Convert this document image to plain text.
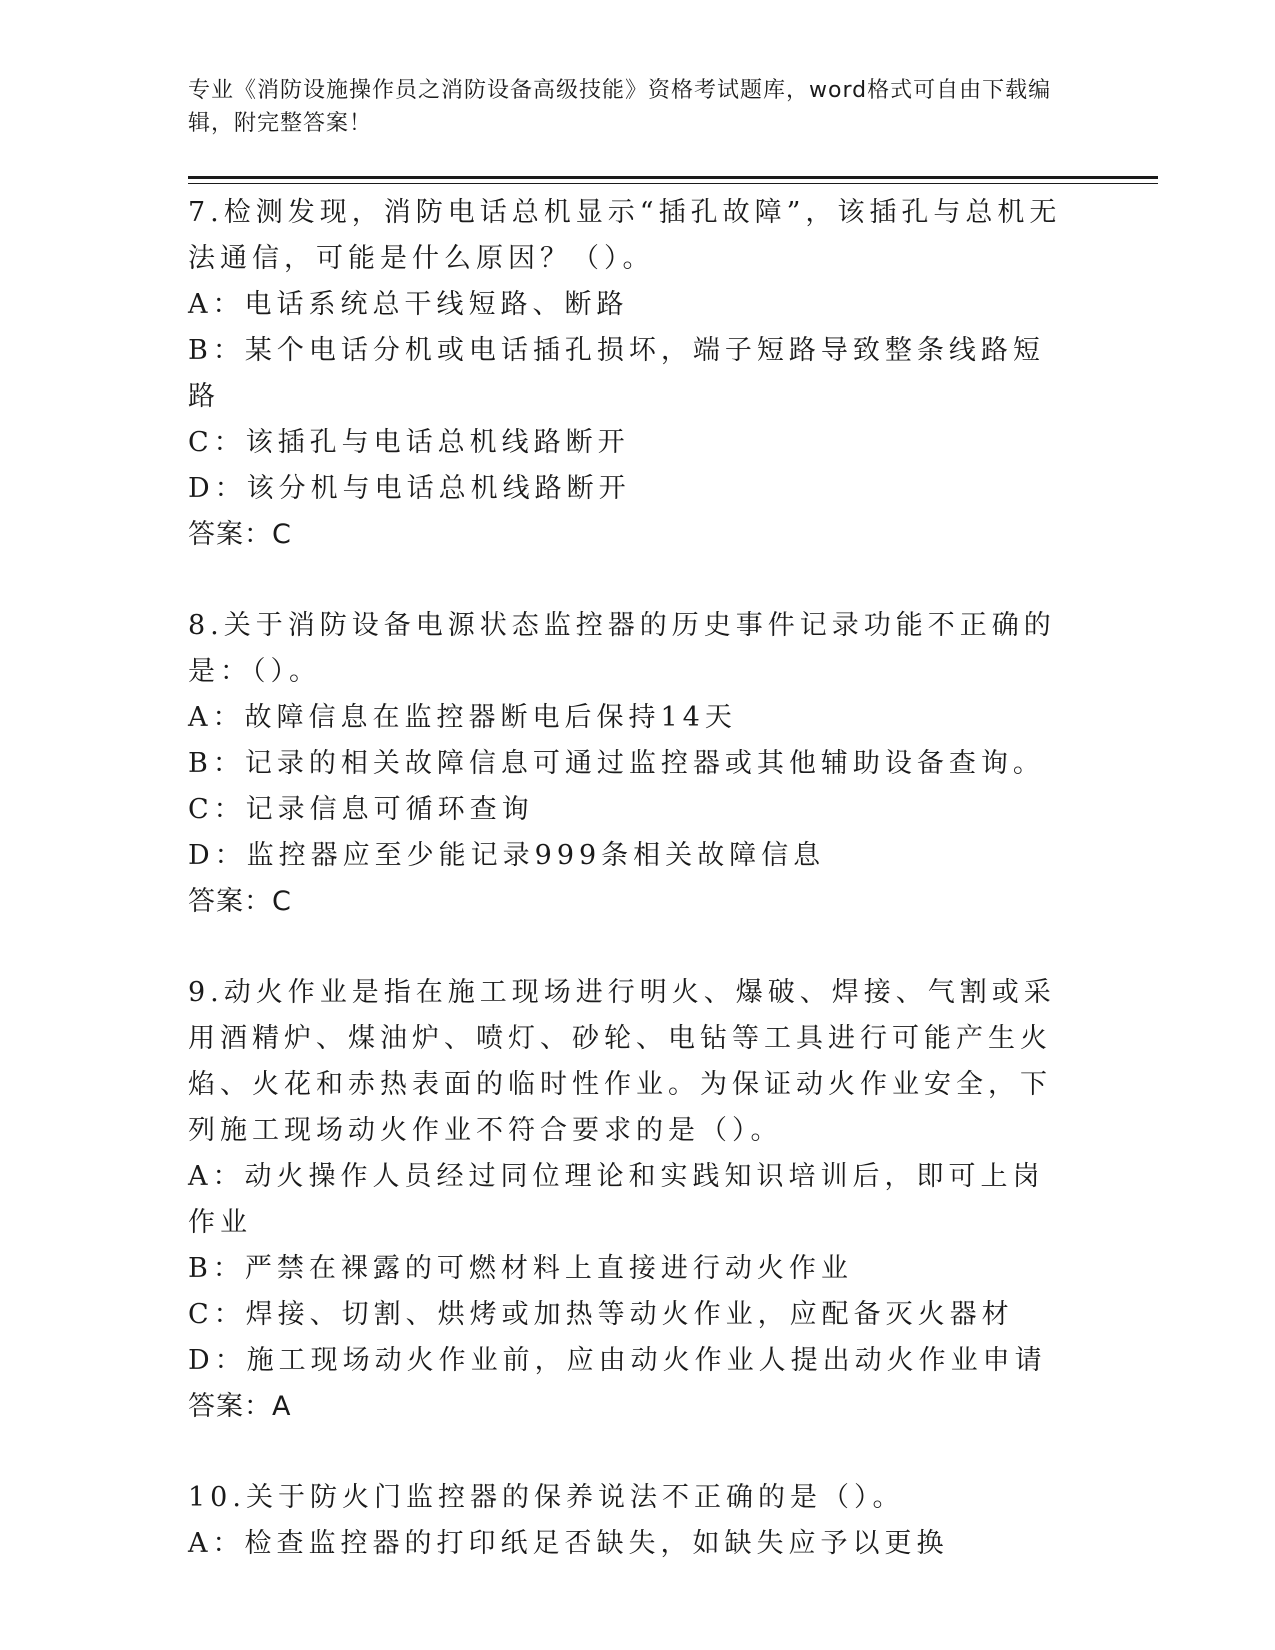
专业《消防设施操作员之消防设备高级技能》资格考试题库，word格式可自由下载编辑，附完整答案！
7.检测发现，消防电话总机显示“插孔故障”，该插孔与总机无法通信，可能是什么原因？（）。
A：电话系统总干线短路、断路
B：某个电话分机或电话插孔损坏，端子短路导致整条线路短路
C：该插孔与电话总机线路断开
D：该分机与电话总机线路断开
答案：C
8.关于消防设备电源状态监控器的历史事件记录功能不正确的是：（）。
A：故障信息在监控器断电后保持14天
B：记录的相关故障信息可通过监控器或其他辅助设备查询。
C：记录信息可循环查询
D：监控器应至少能记录999条相关故障信息
答案：C
9.动火作业是指在施工现场进行明火、爆破、焊接、气割或采用酒精炉、煤油炉、喷灯、砂轮、电钻等工具进行可能产生火焰、火花和赤热表面的临时性作业。为保证动火作业安全，下列施工现场动火作业不符合要求的是（）。
A：动火操作人员经过同位理论和实践知识培训后，即可上岗作业
B：严禁在裸露的可燃材料上直接进行动火作业
C：焊接、切割、烘烤或加热等动火作业，应配备灭火器材
D：施工现场动火作业前，应由动火作业人提出动火作业申请
答案：A
10.关于防火门监控器的保养说法不正确的是（）。
A：检查监控器的打印纸足否缺失，如缺失应予以更换
